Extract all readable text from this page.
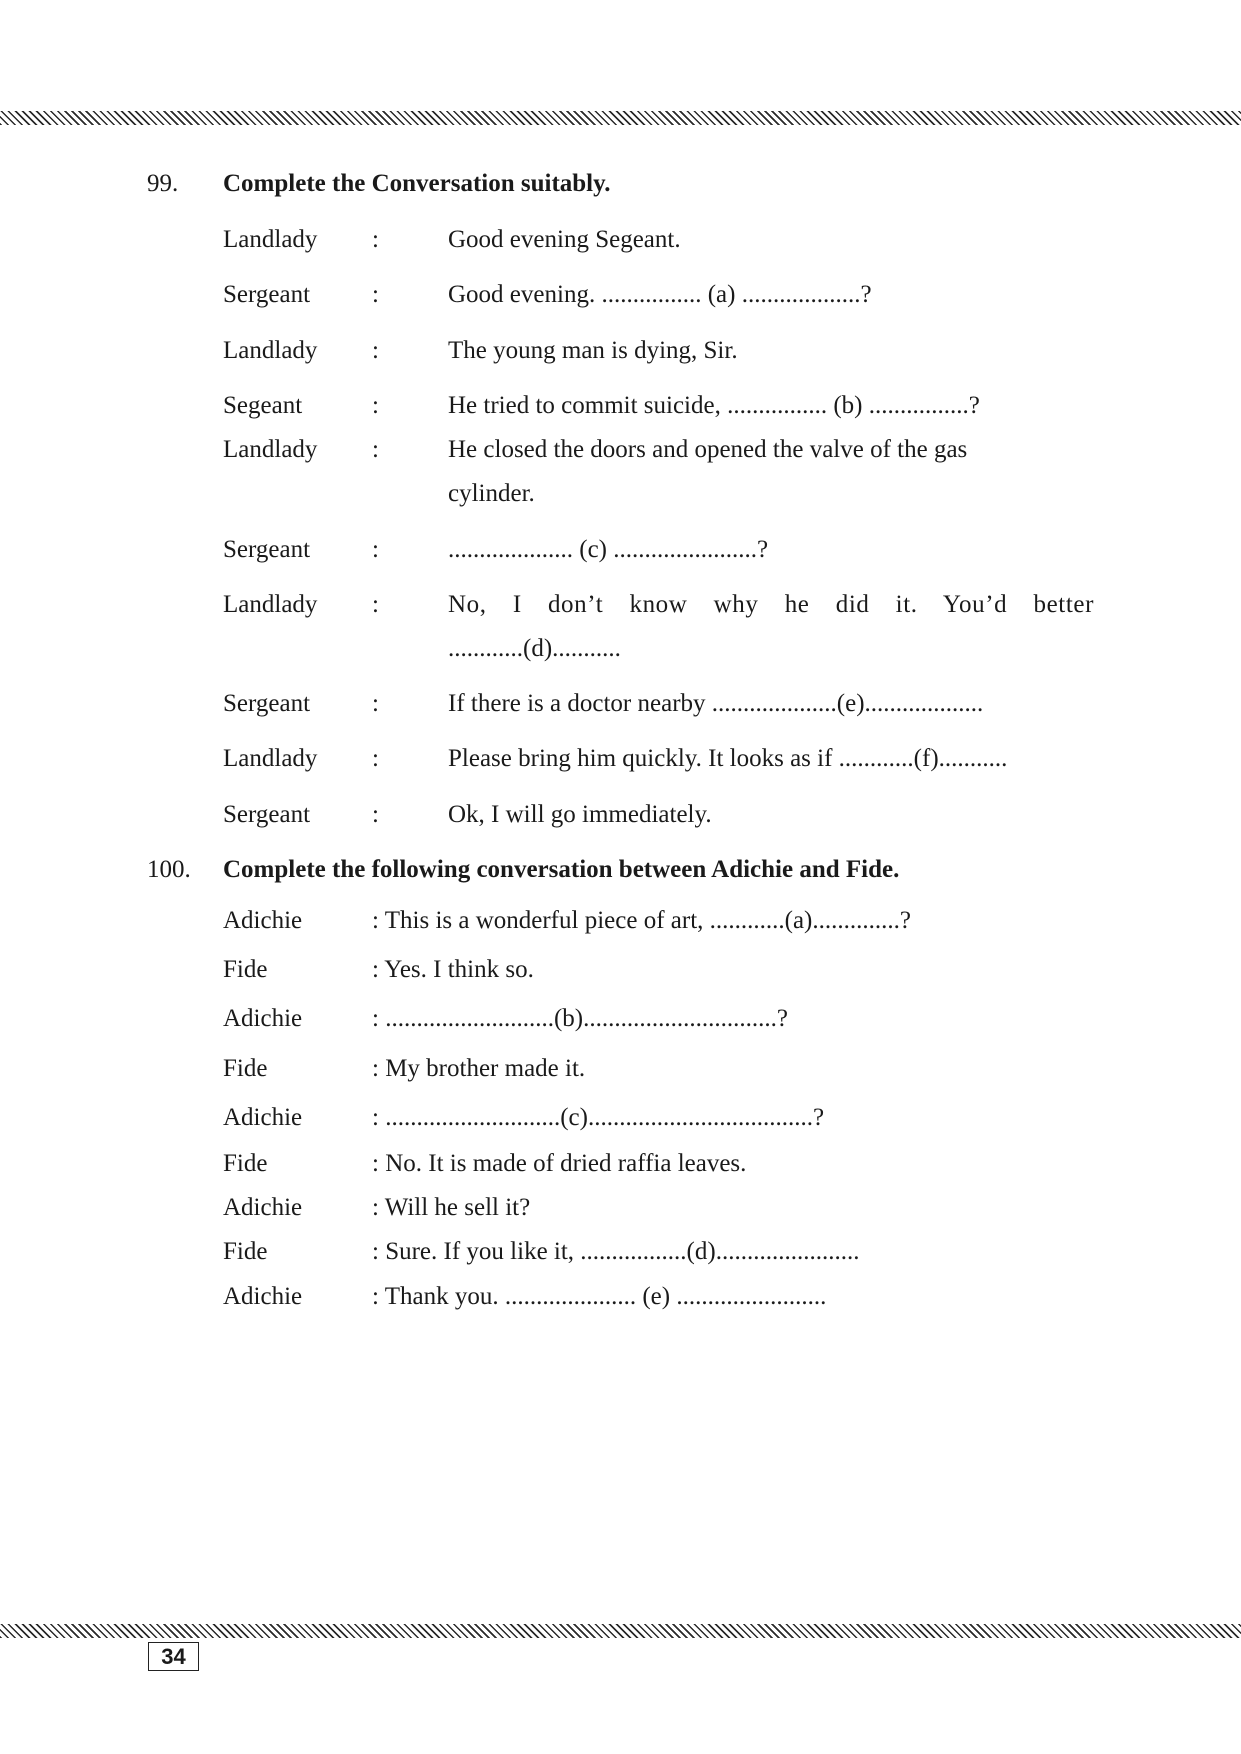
99. Complete the Conversation suitably.
Landlady :	Good evening Segeant.
Sergeant :	Good evening. ................ (a) ...................?
Landlady :	The young man is dying, Sir.
Segeant	:	He tried to commit suicide, ................ (b) ................?
Landlady :	He closed the doors and opened the valve of the gas
cylinder.
Sergeant :	.................... (c) .......................?
Landlady :	No, I don’t know why he did it. You’d better
............(d)...........
Sergeant :	If there is a doctor nearby ....................(e)...................
Landlady :	Please bring him quickly. It looks as if ............(f)...........
Sergeant :	Ok, I will go immediately.
100. Complete the following conversation between Adichie and Fide.
Adichie	: This is a wonderful piece of art, ............(a)..............?
Fide	: Yes. I think so.
Adichie	: ...........................(b)...............................?
Fide	: My brother made it.
Adichie	: ............................(c)....................................?
Fide	: No. It is made of dried raffia leaves.
Adichie	: Will he sell it?
Fide	: Sure. If you like it, .................(d).......................
Adichie	: Thank you. ..................... (e) ........................
34
